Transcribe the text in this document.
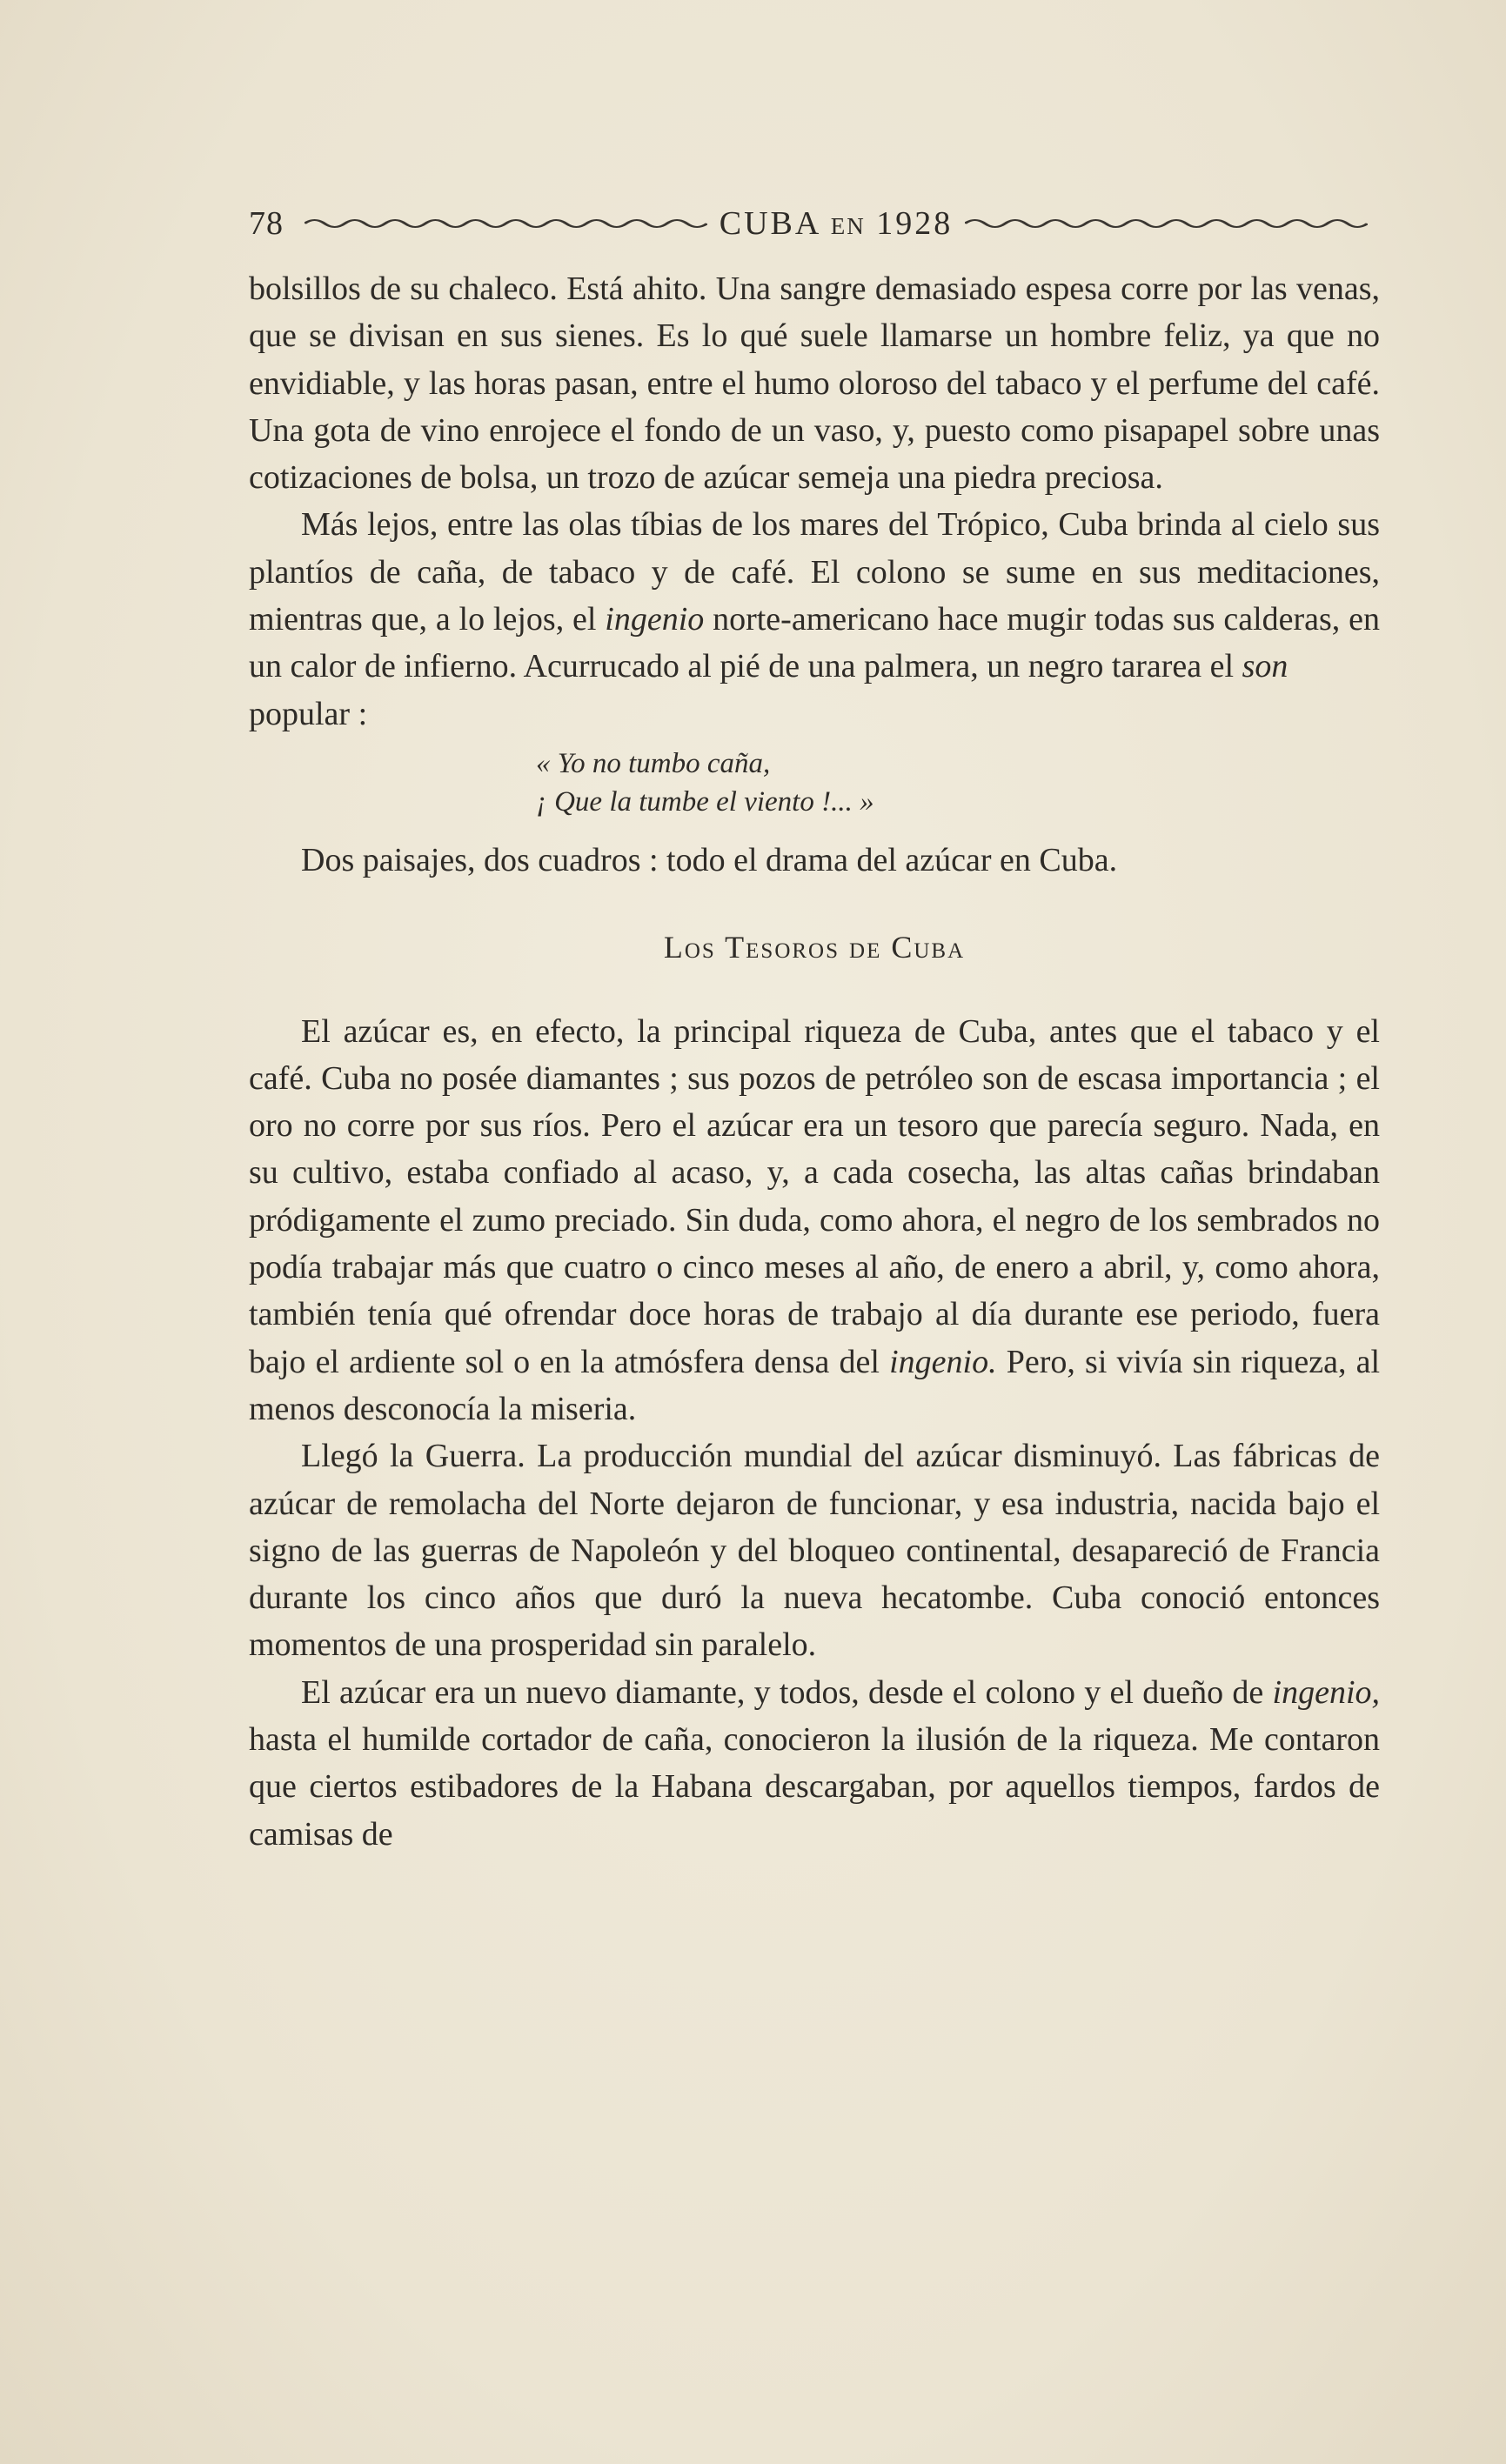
78	CUBA EN 1928

bolsillos de su chaleco. Está ahito. Una sangre demasiado espesa corre por las venas, que se divisan en sus sienes. Es lo qué suele llamarse un hombre feliz, ya que no envidiable, y las horas pasan, entre el humo oloroso del tabaco y el perfume del café. Una gota de vino enrojece el fondo de un vaso, y, puesto como pisapapel sobre unas cotizaciones de bolsa, un trozo de azúcar semeja una piedra preciosa.

Más lejos, entre las olas tíbias de los mares del Trópico, Cuba brinda al cielo sus plantíos de caña, de tabaco y de café. El colono se sume en sus meditaciones, mientras que, a lo lejos, el ingenio norte-americano hace mugir todas sus calderas, en un calor de infierno. Acurrucado al pié de una palmera, un negro tararea el son
popular :

« Yo no tumbo caña,
¡ Que la tumbe el viento !... »

Dos paisajes, dos cuadros : todo el drama del azúcar en Cuba.

Los Tesoros de Cuba

El azúcar es, en efecto, la principal riqueza de Cuba, antes que el tabaco y el café. Cuba no posée diamantes ; sus pozos de petróleo son de escasa importancia ; el oro no corre por sus ríos. Pero el azúcar era un tesoro que parecía seguro. Nada, en su cultivo, estaba confiado al acaso, y, a cada cosecha, las altas cañas brindaban pródigamente el zumo preciado. Sin duda, como ahora, el negro de los sembrados no podía trabajar más que cuatro o cinco meses al año, de enero a abril, y, como ahora, también tenía qué ofrendar doce horas de trabajo al día durante ese periodo, fuera bajo el ardiente sol o en la atmósfera densa del ingenio. Pero, si vivía sin riqueza, al menos desconocía la miseria.

Llegó la Guerra. La producción mundial del azúcar disminuyó. Las fábricas de azúcar de remolacha del Norte dejaron de funcionar, y esa industria, nacida bajo el signo de las guerras de Napoleón y del bloqueo continental, desapareció de Francia durante los cinco años que duró la nueva hecatombe. Cuba conoció entonces momentos de una prosperidad sin paralelo.

El azúcar era un nuevo diamante, y todos, desde el colono y el dueño de ingenio, hasta el humilde cortador de caña, conocieron la ilusión de la riqueza. Me contaron que ciertos estibadores de la Habana descargaban, por aquellos tiempos, fardos de camisas de
